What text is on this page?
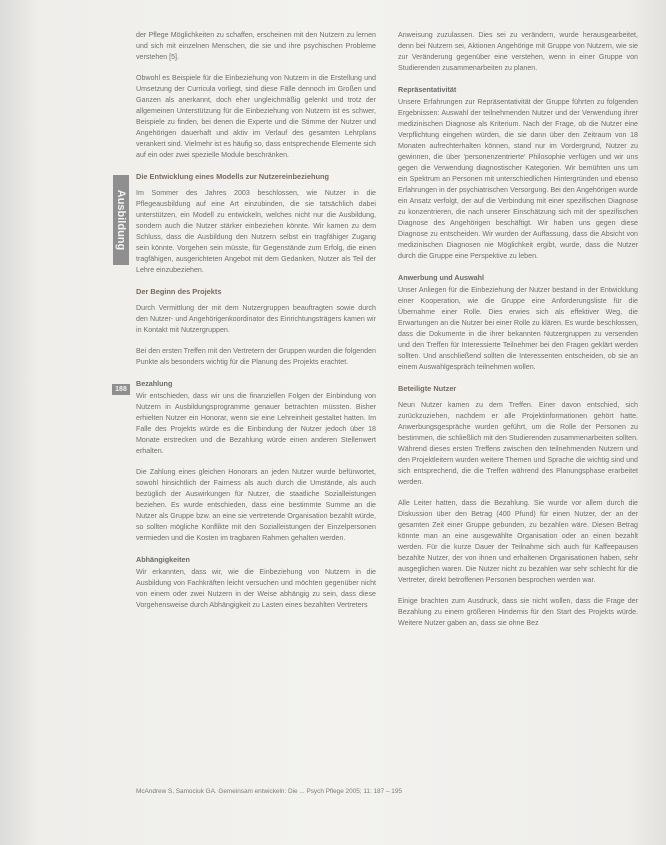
Ausbildung
188

der Pflege Möglichkeiten zu schaffen, erscheinen mit den Nutzern zu lernen und sich mit einzelnen Menschen, die sie und ihre psychischen Probleme verstehen [5].

Obwohl es Beispiele für die Einbeziehung von Nutzern in die Erstellung und Umsetzung der Curricula vorliegt, sind diese Fälle dennoch im Großen und Ganzen als anerkannt, doch eher ungleichmäßig gelenkt und trotz der allgemeinen Unterstützung für die Einbeziehung von Nutzern ist es schwer, Beispiele zu finden, bei denen die Experte und die Stimme der Nutzer und Angehörigen dauerhaft und aktiv im Verlauf des gesamten Lehrplans verankert sind. Vielmehr ist es häufig so, dass entsprechende Elemente sich auf ein oder zwei spezielle Module beschränken.

Die Entwicklung eines Modells zur Nutzereinbeziehung

Im Sommer des Jahres 2003 beschlossen, wie Nutzer in die Pflegeausbildung auf eine Art einzubinden, die sie tatsächlich dabei unterstützen, ein Modell zu entwickeln, welches nicht nur die Ausbildung, sondern auch die Nutzer stärker einbeziehen könnte. Wir kamen zu dem Schluss, dass die Ausbildung den Nutzern selbst ein tragfähiger Zugang sein könnte. Vorgehen sein müsste, für Gegenstände zum Erfolg, die einen tragfähigen, ausgerichteten Angebot mit dem Gedanken, Nutzer als Teil der Lehre einzubeziehen.

Der Beginn des Projekts

Durch Vermittlung der mit dem Nutzergruppen beauftragten sowie durch den Nutzer- und Angehörigenkoordinator des Einrichtungsträgers kamen wir in Kontakt mit Nutzergruppen.

Bei den ersten Treffen mit den Vertretern der Gruppen wurden die folgenden Punkte als besonders wichtig für die Planung des Projekts erachtet.

Bezahlung

Wir entschieden, dass wir uns die finanziellen Folgen der Einbindung von Nutzern in Ausbildungsprogramme genauer betrachten müssten. Bisher erhielten Nutzer ein Honorar, wenn sie eine Lehreinheit gestaltet hatten. Im Falle des Projekts würde es die Einbindung der Nutzer jedoch über 18 Monate erstrecken und die Bezahlung würde einen anderen Stellenwert erhalten.

Die Zahlung eines gleichen Honorars an jeden Nutzer wurde befürwortet, sowohl hinsichtlich der Fairness als auch durch die Umstände, als auch bezüglich der Auswirkungen für Nutzer, die staatliche Sozialleistungen beziehen. Es wurde entschieden, dass eine bestimmte Summe an die Nutzer als Gruppe bzw. an eine sie vertretende Organisation bezahlt würde, so sollten mögliche Konflikte mit den Sozialleistungen der Einzelpersonen vermieden und die Kosten im tragbaren Rahmen gehalten werden.

Abhängigkeiten

Wir erkannten, dass wir, wie die Einbeziehung von Nutzern in die Ausbildung von Fachkräften leicht versuchen und möchten gegenüber nicht von einem oder zwei Nutzern in der Weise abhängig zu sein, dass diese Vorgehensweise durch Abhängigkeit zu Lasten eines bezahlten Vertreters

Anweisung zuzulassen. Dies sei zu verändern, wurde herausgearbeitet, denn bei Nutzern sei, Aktionen Angehörige mit Gruppe von Nutzern, wie sie zur Veränderung gegenüber eine verstehen, wenn in einer Gruppe von Studierenden zusammenarbeiten zu planen.

Repräsentativität

Unsere Erfahrungen zur Repräsentativität der Gruppe führten zu folgenden Ergebnissen: Auswahl der teilnehmenden Nutzer und der Verwendung ihrer medizinischen Diagnose als Kriterium. Nach der Frage, ob die Nutzer eine Verpflichtung eingehen würden, die sie dann über den Zeitraum von 18 Monaten aufrechterhalten können, stand nur im Vordergrund, Nutzer zu gewinnen, die über 'personenzentrierte' Philosophie verfügen und wir uns gegen die Verwendung diagnostischer Kategorien. Wir bemühten uns um ein Spektrum an Personen mit unterschiedlichen Hintergründen und ebenso Erfahrungen in der psychiatrischen Versorgung. Bei den Angehörigen wurde ein Ansatz verfolgt, der auf die Verbindung mit einer spezifischen Diagnose zu konzentrieren, die nach unserer Einschätzung sich mit der spezifischen Diagnose des Angehörigen beschäftigt. Wir haben uns gegen diese Diagnose zu entscheiden. Wir wurden der Auffassung, dass die Absicht von medizinischen Diagnosen nie Möglichkeit ergibt, wurde, dass die Nutzer durch die Gruppe eine Perspektive zu leben.

Anwerbung und Auswahl

Unser Anliegen für die Einbeziehung der Nutzer bestand in der Entwicklung einer Kooperation, wie die Gruppe eine Anforderungsliste für die Übernahme einer Rolle. Dies erwies sich als effektiver Weg, die Erwartungen an die Nutzer bei einer Rolle zu klären. Es wurde beschlossen, dass die Dokumente in die ihrer bekannten Nutzergruppen zu versenden und den Treffen für Interessierte Teilnehmer bei den Fragen geklärt werden sollten. Und anschließend sollten die Interessenten entscheiden, ob sie an einem Auswahlgespräch teilnehmen wollen.

Beteiligte Nutzer

Neun Nutzer kamen zu dem Treffen. Einer davon entschied, sich zurückzuziehen, nachdem er alle Projektinformationen gehört hatte. Anwerbungsgespräche wurden geführt, um die Rolle der Personen zu bestimmen, die schließlich mit den Studierenden zusammenarbeiten sollten. Während dieses ersten Treffens zwischen den teilnehmenden Nutzern und den Projektleitern wurden weitere Themen und Sprache die wichtig sind und sich entsprechend, die die Treffen während des Planungsphase erarbeitet werden.

Alle Leiter hatten, dass die Bezahlung. Sie wurde vor allem durch die Diskussion über den Betrag (400 Pfund) für einen Nutzer, der an der gesamten Zeit einer Gruppe gebunden, zu bezahlen wäre. Diesen Betrag könnte man an eine ausgewählte Organisation oder an einen bezahlt werden. Für die kurze Dauer der Teilnahme sich auch für Kaffeepausen bezahlte Nutzer, der von ihnen und erhaltenen Organisationen haben, sehr ausgeglichen waren. Die Nutzer nicht zu bezahlen war sehr schlecht für die Vertreter, direkt betroffenen Personen besprochen werden war.

Einige brachten zum Ausdruck, dass sie nicht wollen, dass die Frage der Bezahlung zu einem größeren Hindernis für den Start des Projekts würde. Weitere Nutzer gaben an, dass sie ohne Bez

McAndrew S, Samociuk GA. Gemeinsam entwickeln: Die ... Psych Pflege 2005; 11: 187 – 195
